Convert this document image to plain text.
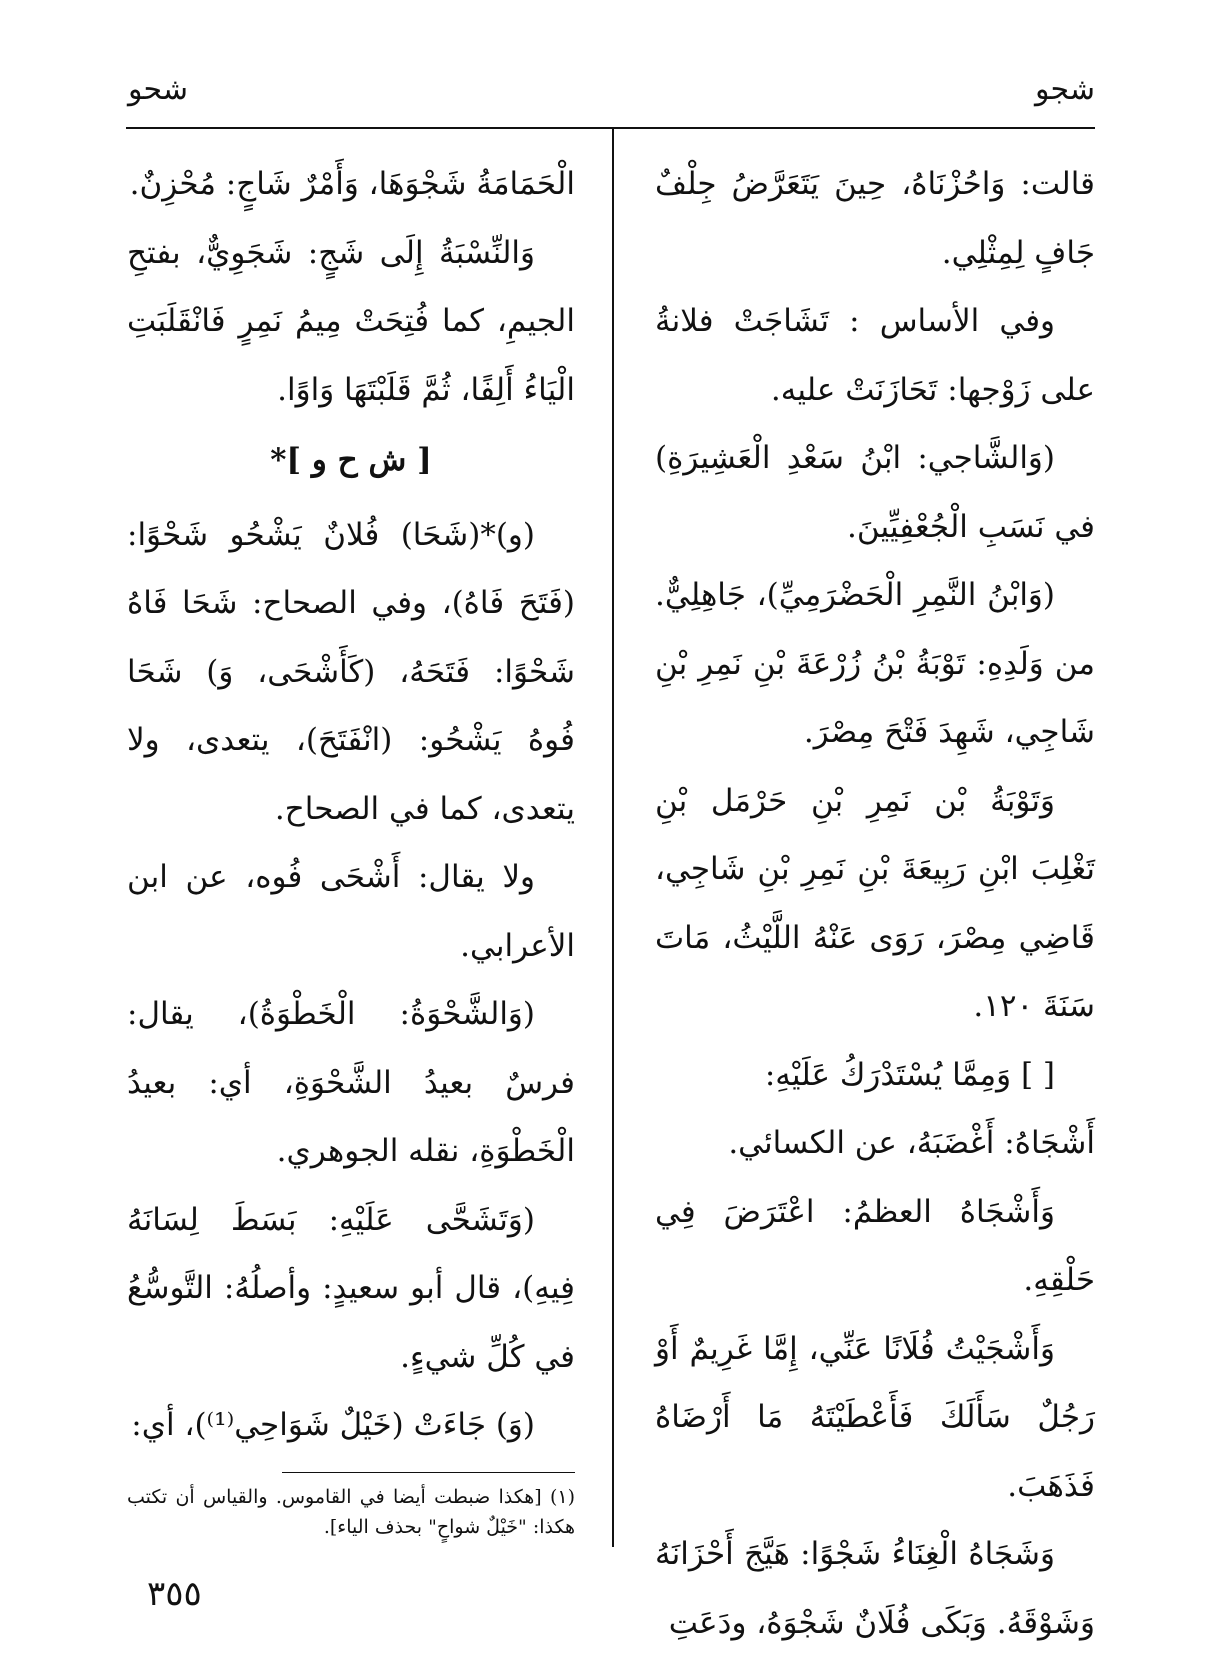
شجو
شحو

قالت: وَاحُزْنَاهُ، حِينَ يَتَعَرَّضُ جِلْفٌ جَافٍ لِمِثْلِي.

وفي الأساس : تَشَاجَتْ فلانةُ على زَوْجها: تَحَازَنَتْ عليه.

(وَالشَّاجي: ابْنُ سَعْدِ الْعَشِيرَةِ) في نَسَبِ الْجُعْفِيِّينَ.

(وَابْنُ النَّمِرِ الْحَضْرَمِيِّ)، جَاهِلِيٌّ. من وَلَدِهِ: تَوْبَةُ بْنُ زُرْعَةَ بْنِ نَمِرِ بْنِ شَاجِي، شَهِدَ فَتْحَ مِصْرَ.

وَتَوْبَةُ بْن نَمِرِ بْنِ حَرْمَل بْنِ تَغْلِبَ ابْنِ رَبِيعَةَ بْنِ نَمِرِ بْنِ شَاجِي، قَاضِي مِصْرَ، رَوَى عَنْهُ اللَّيْثُ، مَاتَ سَنَةَ ١٢٠.

[ ] وَمِمَّا يُسْتَدْرَكُ عَلَيْهِ:

أَشْجَاهُ: أَغْضَبَهُ، عن الكسائي.

وَأَشْجَاهُ العظمُ: اعْتَرَضَ فِي حَلْقِهِ.

وَأَشْجَيْتُ فُلَانًا عَنِّي، إِمَّا غَرِيمٌ أَوْ رَجُلٌ سَأَلَكَ فَأَعْطَيْتَهُ مَا أَرْضَاهُ فَذَهَبَ.

وَشَجَاهُ الْغِنَاءُ شَجْوًا: هَيَّجَ أَحْزَانَهُ وَشَوْقَهُ. وَبَكَى فُلَانٌ شَجْوَهُ، ودَعَتِ

الْحَمَامَةُ شَجْوَهَا، وَأَمْرٌ شَاجٍ: مُحْزِنٌ.

وَالنِّسْبَةُ إِلَى شَجٍ: شَجَوِيٌّ، بفتحِ الجيمِ، كما فُتِحَتْ مِيمُ نَمِرٍ فَانْقَلَبَتِ الْيَاءُ أَلِفًا، ثُمَّ قَلَبْتَهَا وَاوًا.

[ ش ح و ]*

(و)*(شَحَا) فُلانٌ يَشْحُو شَحْوًا: (فَتَحَ فَاهُ)، وفي الصحاح: شَحَا فَاهُ شَحْوًا: فَتَحَهُ، (كَأَشْحَى، وَ) شَحَا فُوهُ يَشْحُو: (انْفَتَحَ)، يتعدى، ولا يتعدى، كما في الصحاح.

ولا يقال: أَشْحَى فُوه، عن ابن الأعرابي.

(وَالشَّحْوَةُ: الْخَطْوَةُ)، يقال: فرسٌ بعيدُ الشَّحْوَةِ، أي: بعيدُ الْخَطْوَةِ، نقله الجوهري.

(وَتَشَحَّى عَلَيْهِ: بَسَطَ لِسَانَهُ فِيهِ)، قال أبو سعيدٍ: وأصلُهُ: التَّوسُّعُ في كُلِّ شيءٍ.

(وَ) جَاءَتْ (خَيْلٌ شَوَاحِي⁽¹⁾)، أي:

(١) [هكذا ضبطت أيضا في القاموس. والقياس أن تكتب هكذا: "خَيْلٌ شواحٍ" بحذف الياء].
٣٥٥
